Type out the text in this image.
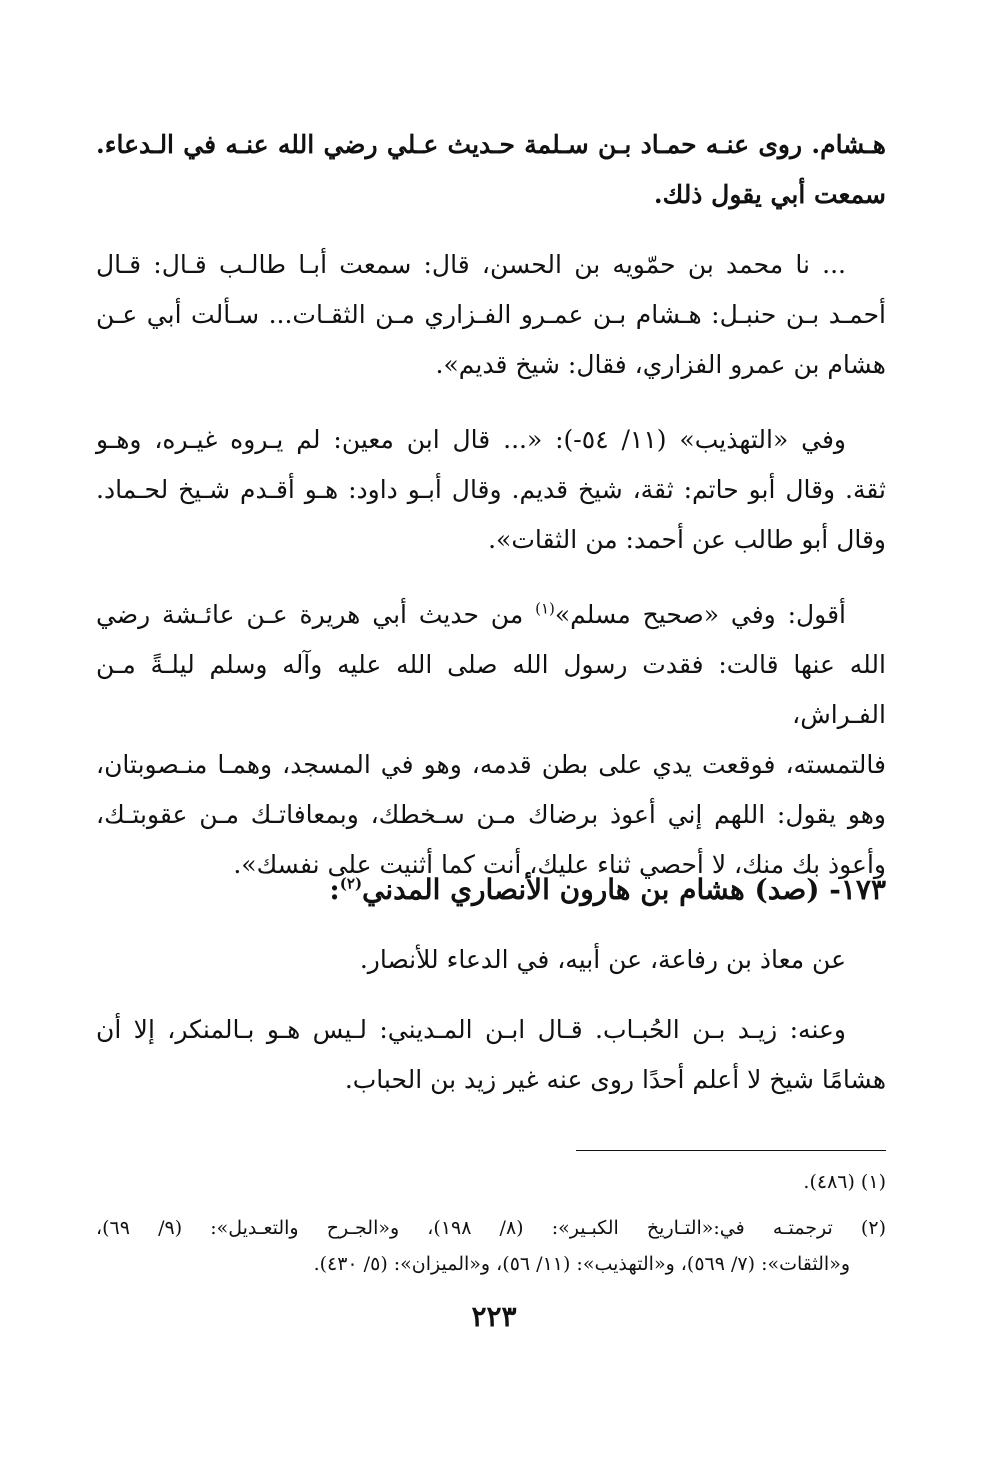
هـشام. روى عنـه حمـاد بـن سـلمة حـديث عـلي رضي الله عنـه في الـدعاء.
سمعت أبي يقول ذلك.

... نا محمد بن حمّويه بن الحسن، قال: سمعت أبـا طالـب قـال: قـال
أحمـد بـن حنبـل: هـشام بـن عمـرو الفـزاري مـن الثقـات... سـألت أبي عـن
هشام بن عمرو الفزاري، فقال: شيخ قديم».

وفي «التهذيب» (١١/ ٥٤-): «... قال ابن معين: لم يـروه غيـره، وهـو
ثقة. وقال أبو حاتم: ثقة، شيخ قديم. وقال أبـو داود: هـو أقـدم شـيخ لحـماد.
وقال أبو طالب عن أحمد: من الثقات».

أقول: وفي «صحيح مسلم»$^{(١)}$ من حديث أبي هريرة عـن عائـشة رضي
الله عنها قالت: فقدت رسول الله صلى الله عليه وآله وسلم ليلـةً مـن الفـراش،
فالتمسته، فوقعت يدي على بطن قدمه، وهو في المسجد، وهمـا منـصوبتان،
وهو يقول: اللهم إني أعوذ برضاك مـن سـخطك، وبمعافاتـك مـن عقوبتـك،
وأعوذ بك منك، لا أحصي ثناء عليك، أنت كما أثنيت على نفسك».

١٧٣- (صد) هشام بن هارون الأنصاري المدني$^{(٢)}$:

عن معاذ بن رفاعة، عن أبيه، في الدعاء للأنصار.

وعنه: زيـد بـن الحُبـاب. قـال ابـن المـديني: لـيس هـو بـالمنكر، إلا أن
هشامًا شيخ لا أعلم أحدًا روى عنه غير زيد بن الحباب.

(١) (٤٨٦).

(٢) ترجمتـه في:«التـاريخ الكبـير»: (٨/ ١٩٨)، و«الجـرح والتعـديل»: (٩/ ٦٩)،
و«الثقات»: (٧/ ٥٦٩)، و«التهذيب»: (١١/ ٥٦)، و«الميزان»: (٥/ ٤٣٠).
٢٢٣
